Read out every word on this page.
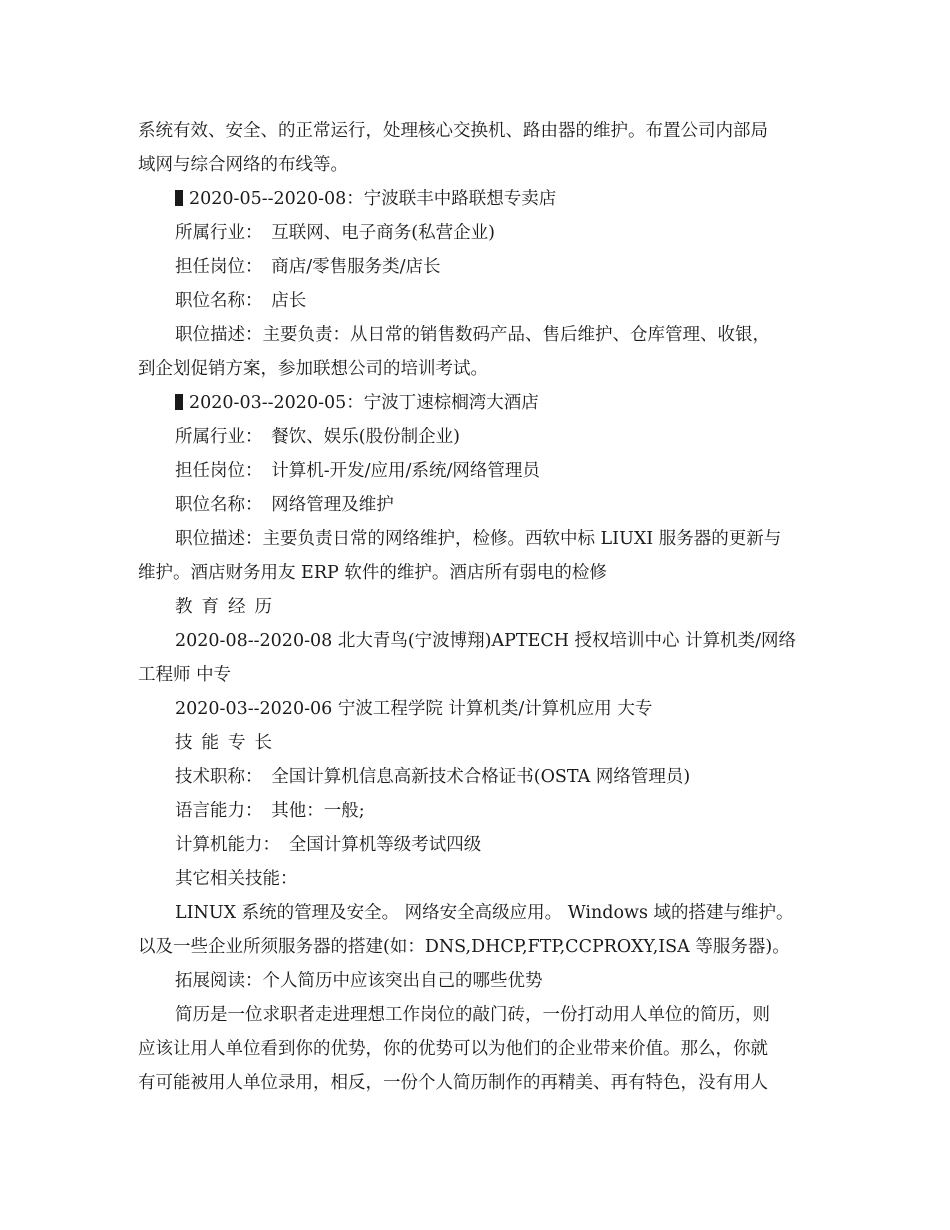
系统有效、安全、的正常运行，处理核心交换机、路由器的维护。布置公司内部局
域网与综合网络的布线等。
2020-05--2020-08：宁波联丰中路联想专卖店
所属行业：　互联网、电子商务(私营企业)
担任岗位：　商店/零售服务类/店长
职位名称：　店长
职位描述：主要负责：从日常的销售数码产品、售后维护、仓库管理、收银，
到企划促销方案，参加联想公司的培训考试。
2020-03--2020-05：宁波丁速棕榈湾大酒店
所属行业：　餐饮、娱乐(股份制企业)
担任岗位：　计算机-开发/应用/系统/网络管理员
职位名称：　网络管理及维护
职位描述：主要负责日常的网络维护，检修。西软中标 LIUXI 服务器的更新与
维护。酒店财务用友 ERP 软件的维护。酒店所有弱电的检修
教育经历
2020-08--2020-08 北大青鸟(宁波博翔)APTECH 授权培训中心 计算机类/网络
工程师 中专
2020-03--2020-06 宁波工程学院 计算机类/计算机应用 大专
技能专长
技术职称：　全国计算机信息高新技术合格证书(OSTA 网络管理员)
语言能力：　其他：一般;
计算机能力：　全国计算机等级考试四级
其它相关技能：
LINUX 系统的管理及安全。 网络安全高级应用。 Windows 域的搭建与维护。
以及一些企业所须服务器的搭建(如：DNS,DHCP,FTP,CCPROXY,ISA 等服务器)。
拓展阅读：个人简历中应该突出自己的哪些优势
简历是一位求职者走进理想工作岗位的敲门砖，一份打动用人单位的简历，则
应该让用人单位看到你的优势，你的优势可以为他们的企业带来价值。那么，你就
有可能被用人单位录用，相反，一份个人简历制作的再精美、再有特色，没有用人
